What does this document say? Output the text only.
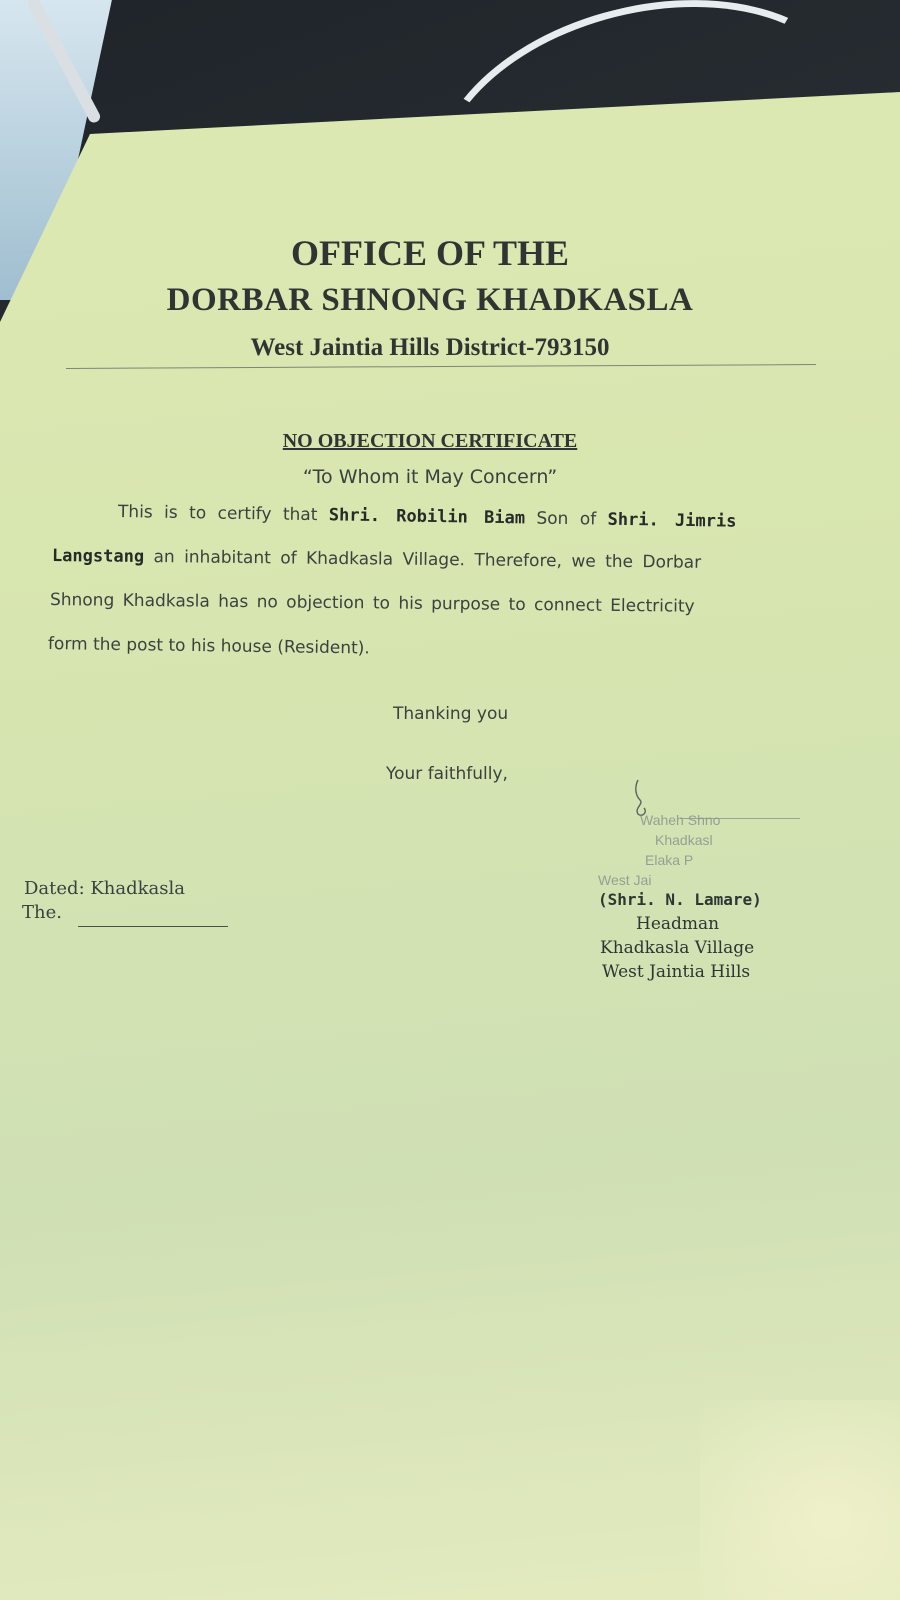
OFFICE OF THE
DORBAR SHNONG KHADKASLA
West Jaintia Hills District-793150
NO OBJECTION CERTIFICATE
“To Whom it May Concern”
This is to certify that Shri. Robilin Biam Son of Shri. Jimris
Langstang an inhabitant of Khadkasla Village. Therefore, we the Dorbar
Shnong Khadkasla has no objection to his purpose to connect Electricity
form the post to his house (Resident).
Thanking you
Your faithfully,
Dated: Khadkasla
The.
Waheh Shno
Khadkasl
Elaka P
West Jai
(Shri. N. Lamare)
Headman
Khadkasla Village
West Jaintia Hills
